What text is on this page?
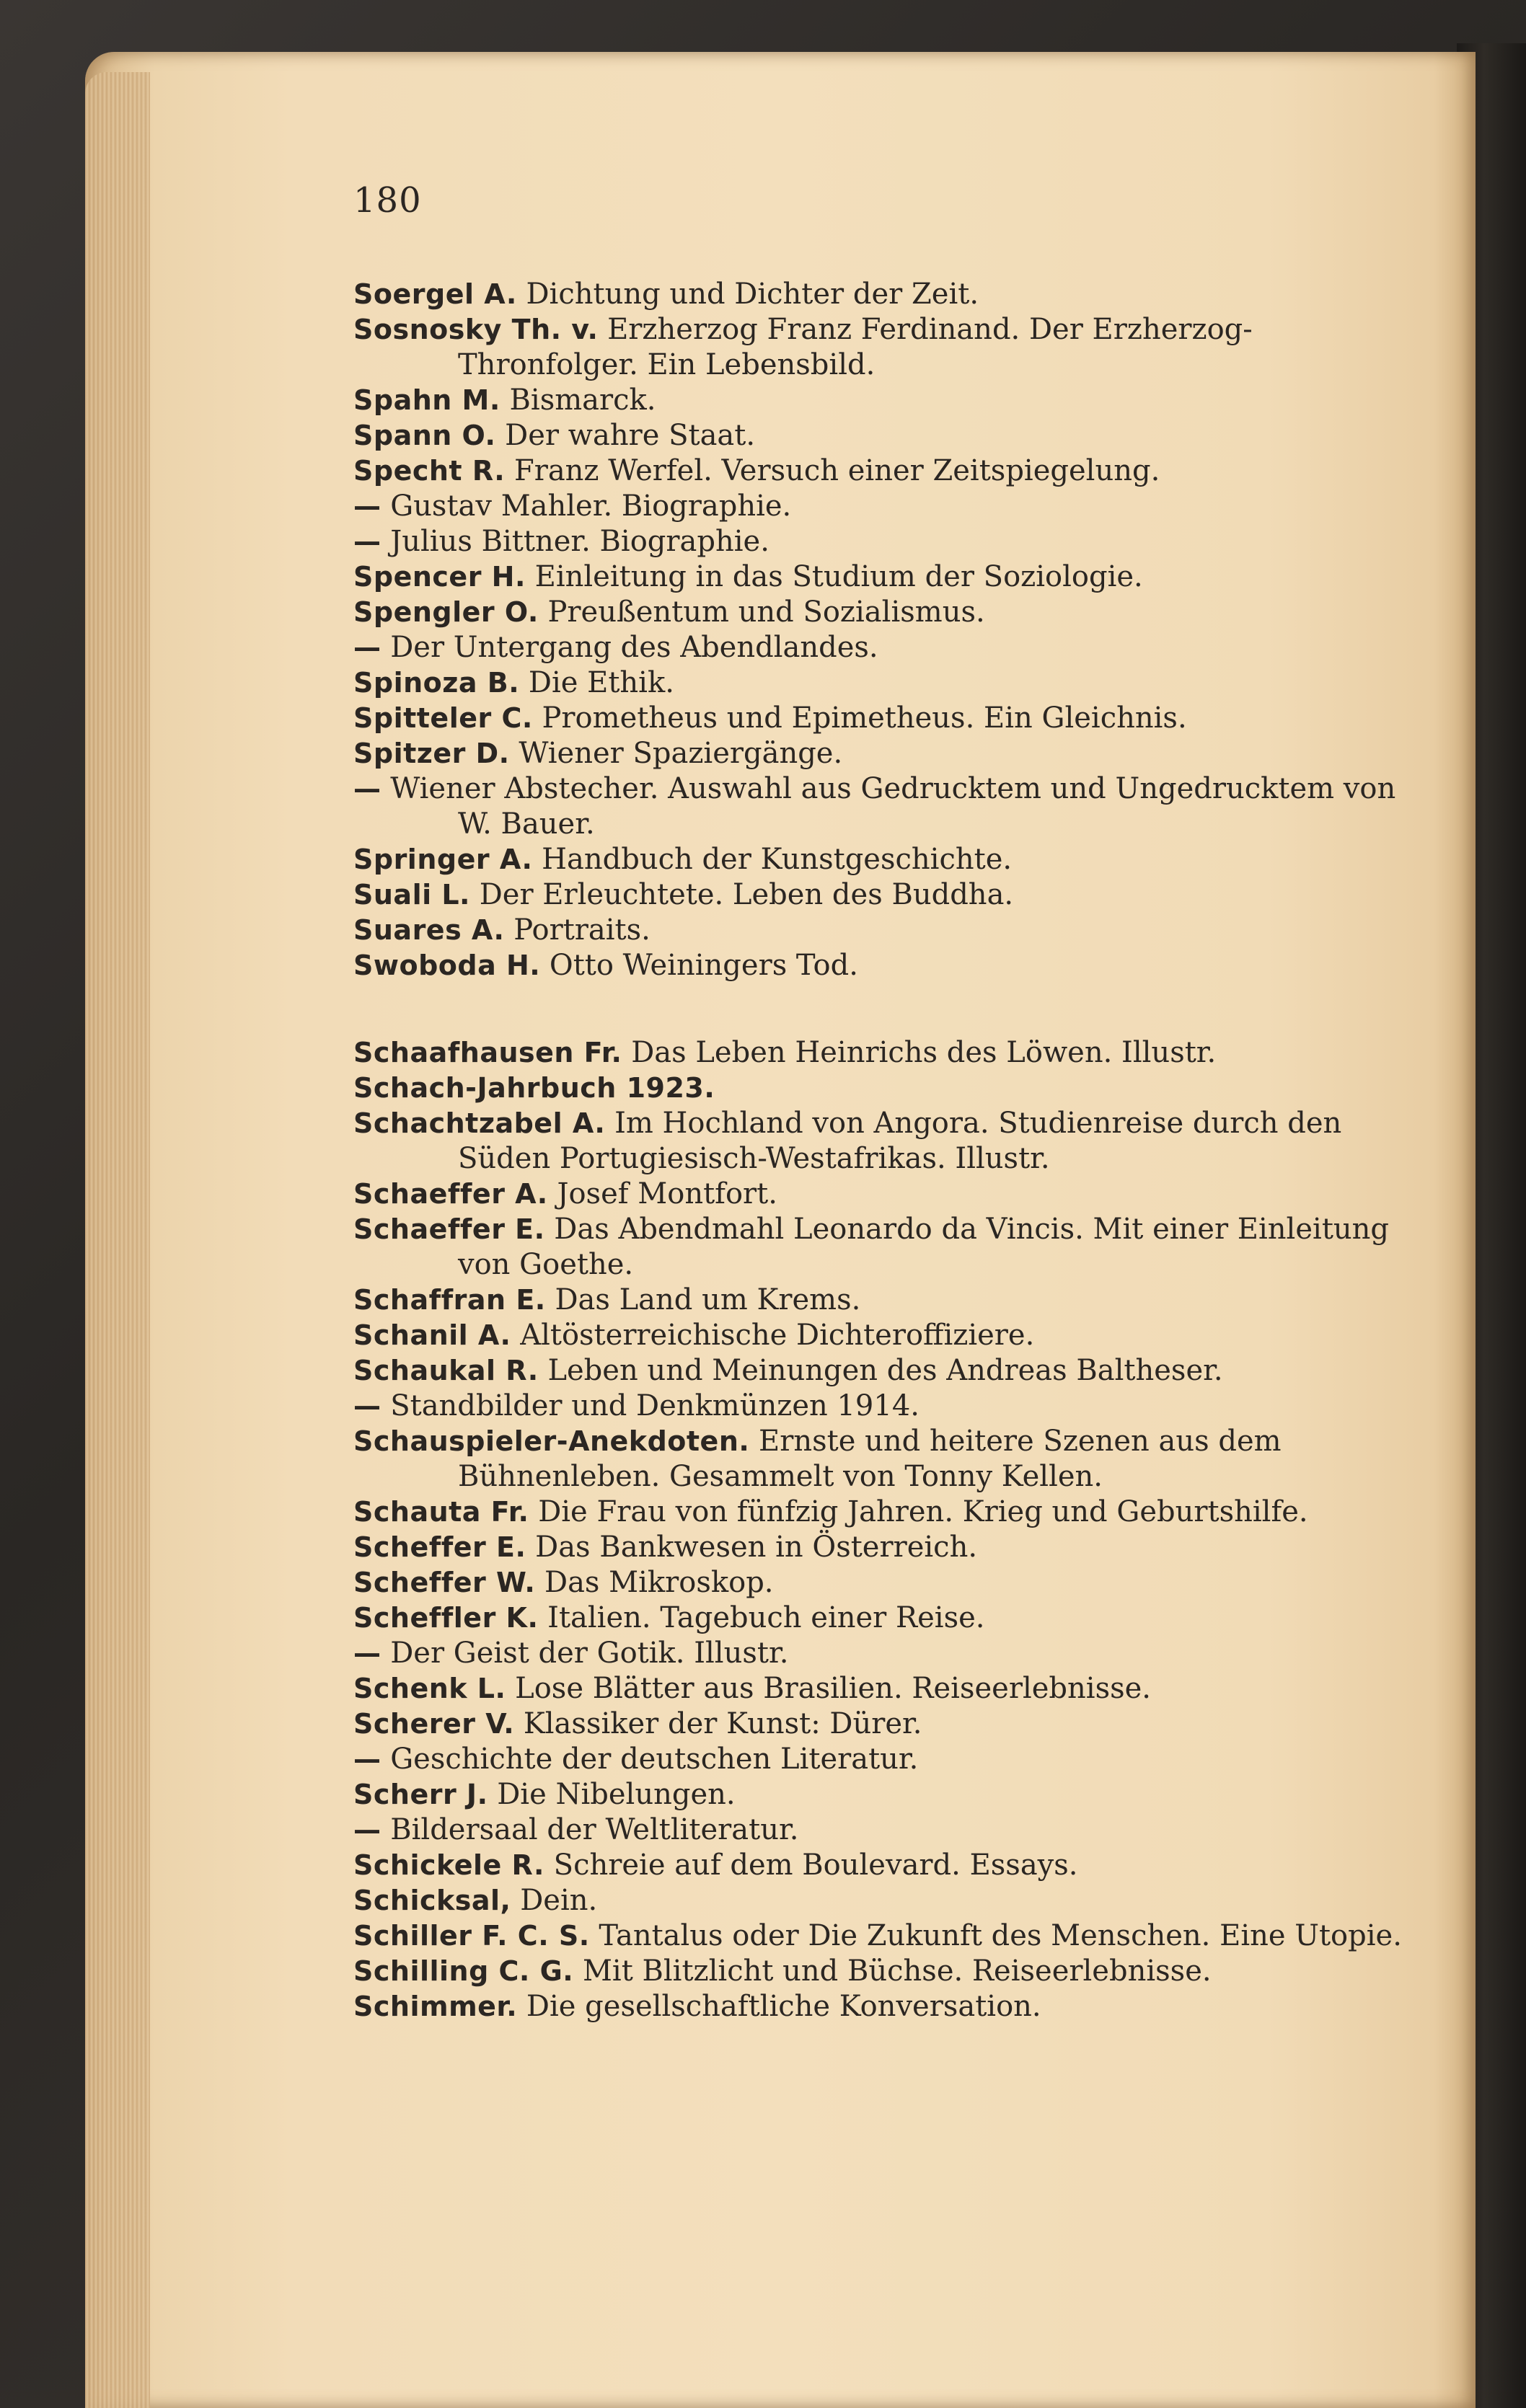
180
Soergel A. Dichtung und Dichter der Zeit.
Sosnosky Th. v. Erzherzog Franz Ferdinand. Der Erzherzog-Thronfolger. Ein Lebensbild.
Spahn M. Bismarck.
Spann O. Der wahre Staat.
Specht R. Franz Werfel. Versuch einer Zeitspiegelung.
— Gustav Mahler. Biographie.
— Julius Bittner. Biographie.
Spencer H. Einleitung in das Studium der Soziologie.
Spengler O. Preußentum und Sozialismus.
— Der Untergang des Abendlandes.
Spinoza B. Die Ethik.
Spitteler C. Prometheus und Epimetheus. Ein Gleichnis.
Spitzer D. Wiener Spaziergänge.
— Wiener Abstecher. Auswahl aus Gedrucktem und Ungedrucktem von W. Bauer.
Springer A. Handbuch der Kunstgeschichte.
Suali L. Der Erleuchtete. Leben des Buddha.
Suares A. Portraits.
Swoboda H. Otto Weiningers Tod.
Schaafhausen Fr. Das Leben Heinrichs des Löwen. Illustr.
Schach-Jahrbuch 1923.
Schachtzabel A. Im Hochland von Angora. Studienreise durch den Süden Portugiesisch-Westafrikas. Illustr.
Schaeffer A. Josef Montfort.
Schaeffer E. Das Abendmahl Leonardo da Vincis. Mit einer Einleitung von Goethe.
Schaffran E. Das Land um Krems.
Schanil A. Altösterreichische Dichteroffiziere.
Schaukal R. Leben und Meinungen des Andreas Baltheser.
— Standbilder und Denkmünzen 1914.
Schauspieler-Anekdoten. Ernste und heitere Szenen aus dem Bühnenleben. Gesammelt von Tonny Kellen.
Schauta Fr. Die Frau von fünfzig Jahren. Krieg und Geburtshilfe.
Scheffer E. Das Bankwesen in Österreich.
Scheffer W. Das Mikroskop.
Scheffler K. Italien. Tagebuch einer Reise.
— Der Geist der Gotik. Illustr.
Schenk L. Lose Blätter aus Brasilien. Reiseerlebnisse.
Scherer V. Klassiker der Kunst: Dürer.
— Geschichte der deutschen Literatur.
Scherr J. Die Nibelungen.
— Bildersaal der Weltliteratur.
Schickele R. Schreie auf dem Boulevard. Essays.
Schicksal, Dein.
Schiller F. C. S. Tantalus oder Die Zukunft des Menschen. Eine Utopie.
Schilling C. G. Mit Blitzlicht und Büchse. Reiseerlebnisse.
Schimmer. Die gesellschaftliche Konversation.
